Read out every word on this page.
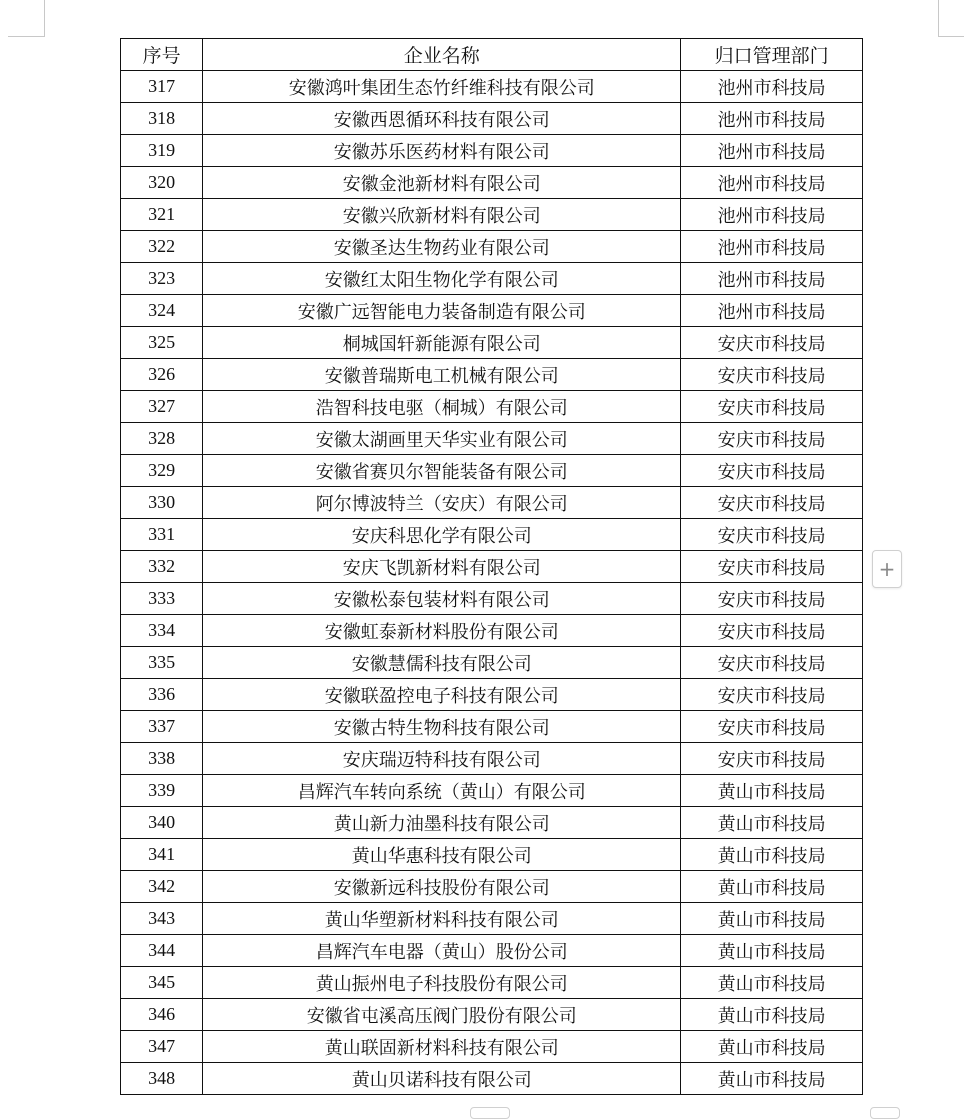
序号	企业名称	归口管理部门
317	安徽鸿叶集团生态竹纤维科技有限公司	池州市科技局
318	安徽西恩循环科技有限公司	池州市科技局
319	安徽苏乐医药材料有限公司	池州市科技局
320	安徽金池新材料有限公司	池州市科技局
321	安徽兴欣新材料有限公司	池州市科技局
322	安徽圣达生物药业有限公司	池州市科技局
323	安徽红太阳生物化学有限公司	池州市科技局
324	安徽广远智能电力装备制造有限公司	池州市科技局
325	桐城国轩新能源有限公司	安庆市科技局
326	安徽普瑞斯电工机械有限公司	安庆市科技局
327	浩智科技电驱（桐城）有限公司	安庆市科技局
328	安徽太湖画里天华实业有限公司	安庆市科技局
329	安徽省赛贝尔智能装备有限公司	安庆市科技局
330	阿尔博波特兰（安庆）有限公司	安庆市科技局
331	安庆科思化学有限公司	安庆市科技局
332	安庆飞凯新材料有限公司	安庆市科技局
333	安徽松泰包装材料有限公司	安庆市科技局
334	安徽虹泰新材料股份有限公司	安庆市科技局
335	安徽慧儒科技有限公司	安庆市科技局
336	安徽联盈控电子科技有限公司	安庆市科技局
337	安徽古特生物科技有限公司	安庆市科技局
338	安庆瑞迈特科技有限公司	安庆市科技局
339	昌辉汽车转向系统（黄山）有限公司	黄山市科技局
340	黄山新力油墨科技有限公司	黄山市科技局
341	黄山华惠科技有限公司	黄山市科技局
342	安徽新远科技股份有限公司	黄山市科技局
343	黄山华塑新材料科技有限公司	黄山市科技局
344	昌辉汽车电器（黄山）股份公司	黄山市科技局
345	黄山振州电子科技股份有限公司	黄山市科技局
346	安徽省屯溪高压阀门股份有限公司	黄山市科技局
347	黄山联固新材料科技有限公司	黄山市科技局
348	黄山贝诺科技有限公司	黄山市科技局
+
